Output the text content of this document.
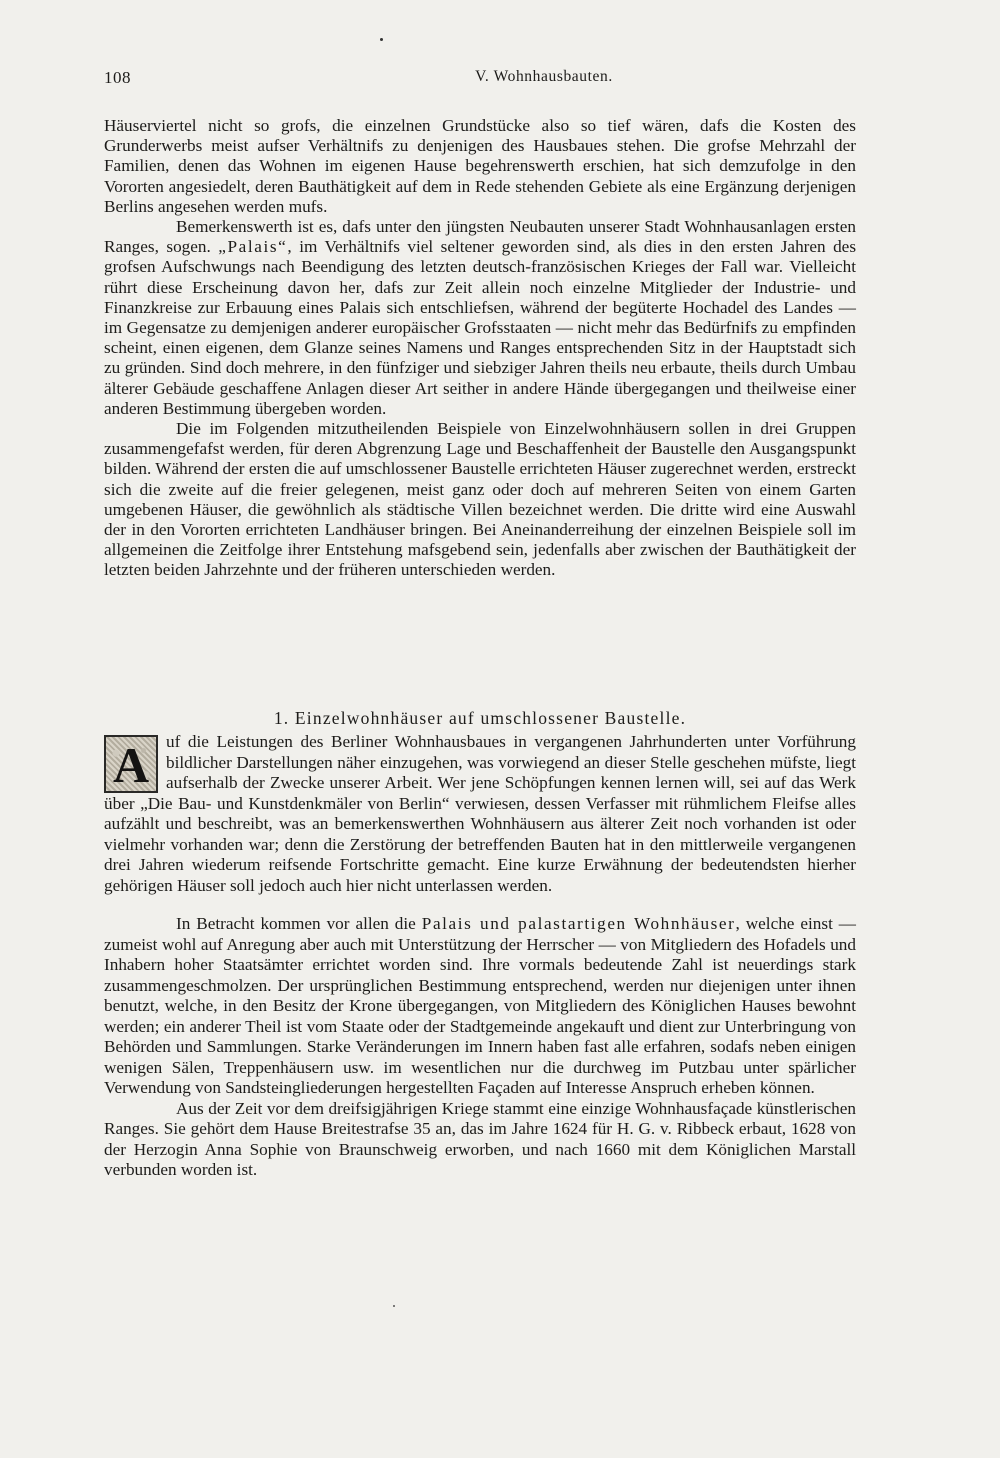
108	V. Wohnhausbauten.

Häuserviertel nicht so grofs, die einzelnen Grundstücke also so tief wären, dafs die Kosten des Grunderwerbs meist aufser Verhältnifs zu denjenigen des Hausbaues stehen. Die grofse Mehrzahl der Familien, denen das Wohnen im eigenen Hause begehrenswerth erschien, hat sich demzufolge in den Vororten angesiedelt, deren Bauthätigkeit auf dem in Rede stehenden Gebiete als eine Ergänzung derjenigen Berlins angesehen werden mufs.

Bemerkenswerth ist es, dafs unter den jüngsten Neubauten unserer Stadt Wohnhausanlagen ersten Ranges, sogen. „Palais“, im Verhältnifs viel seltener geworden sind, als dies in den ersten Jahren des grofsen Aufschwungs nach Beendigung des letzten deutsch-französischen Krieges der Fall war. Vielleicht rührt diese Erscheinung davon her, dafs zur Zeit allein noch einzelne Mitglieder der Industrie- und Finanzkreise zur Erbauung eines Palais sich entschliefsen, während der begüterte Hochadel des Landes — im Gegensatze zu demjenigen anderer europäischer Grofsstaaten — nicht mehr das Bedürfnifs zu empfinden scheint, einen eigenen, dem Glanze seines Namens und Ranges entsprechenden Sitz in der Hauptstadt sich zu gründen. Sind doch mehrere, in den fünfziger und siebziger Jahren theils neu erbaute, theils durch Umbau älterer Gebäude geschaffene Anlagen dieser Art seither in andere Hände übergegangen und theilweise einer anderen Bestimmung übergeben worden.

Die im Folgenden mitzutheilenden Beispiele von Einzelwohnhäusern sollen in drei Gruppen zusammengefafst werden, für deren Abgrenzung Lage und Beschaffenheit der Baustelle den Ausgangspunkt bilden. Während der ersten die auf umschlossener Baustelle errichteten Häuser zugerechnet werden, erstreckt sich die zweite auf die freier gelegenen, meist ganz oder doch auf mehreren Seiten von einem Garten umgebenen Häuser, die gewöhnlich als städtische Villen bezeichnet werden. Die dritte wird eine Auswahl der in den Vororten errichteten Landhäuser bringen. Bei Aneinanderreihung der einzelnen Beispiele soll im allgemeinen die Zeitfolge ihrer Entstehung mafsgebend sein, jedenfalls aber zwischen der Bauthätigkeit der letzten beiden Jahrzehnte und der früheren unterschieden werden.

1. Einzelwohnhäuser auf umschlossener Baustelle.

A uf die Leistungen des Berliner Wohnhausbaues in vergangenen Jahrhunderten unter Vorführung bildlicher Darstellungen näher einzugehen, was vorwiegend an dieser Stelle geschehen müfste, liegt aufserhalb der Zwecke unserer Arbeit. Wer jene Schöpfungen kennen lernen will, sei auf das Werk über „Die Bau- und Kunstdenkmäler von Berlin“ verwiesen, dessen Verfasser mit rühmlichem Fleifse alles aufzählt und beschreibt, was an bemerkenswerthen Wohnhäusern aus älterer Zeit noch vorhanden ist oder vielmehr vorhanden war; denn die Zerstörung der betreffenden Bauten hat in den mittlerweile vergangenen drei Jahren wiederum reifsende Fortschritte gemacht. Eine kurze Erwähnung der bedeutendsten hierher gehörigen Häuser soll jedoch auch hier nicht unterlassen werden.

In Betracht kommen vor allen die Palais und palastartigen Wohnhäuser, welche einst — zumeist wohl auf Anregung aber auch mit Unterstützung der Herrscher — von Mitgliedern des Hofadels und Inhabern hoher Staatsämter errichtet worden sind. Ihre vormals bedeutende Zahl ist neuerdings stark zusammengeschmolzen. Der ursprünglichen Bestimmung entsprechend, werden nur diejenigen unter ihnen benutzt, welche, in den Besitz der Krone übergegangen, von Mitgliedern des Königlichen Hauses bewohnt werden; ein anderer Theil ist vom Staate oder der Stadtgemeinde angekauft und dient zur Unterbringung von Behörden und Sammlungen. Starke Veränderungen im Innern haben fast alle erfahren, sodafs neben einigen wenigen Sälen, Treppenhäusern usw. im wesentlichen nur die durchweg im Putzbau unter spärlicher Verwendung von Sandsteingliederungen hergestellten Façaden auf Interesse Anspruch erheben können.

Aus der Zeit vor dem dreifsigjährigen Kriege stammt eine einzige Wohnhausfaçade künstlerischen Ranges. Sie gehört dem Hause Breitestrafse 35 an, das im Jahre 1624 für H. G. v. Ribbeck erbaut, 1628 von der Herzogin Anna Sophie von Braunschweig erworben, und nach 1660 mit dem Königlichen Marstall verbunden worden ist.
